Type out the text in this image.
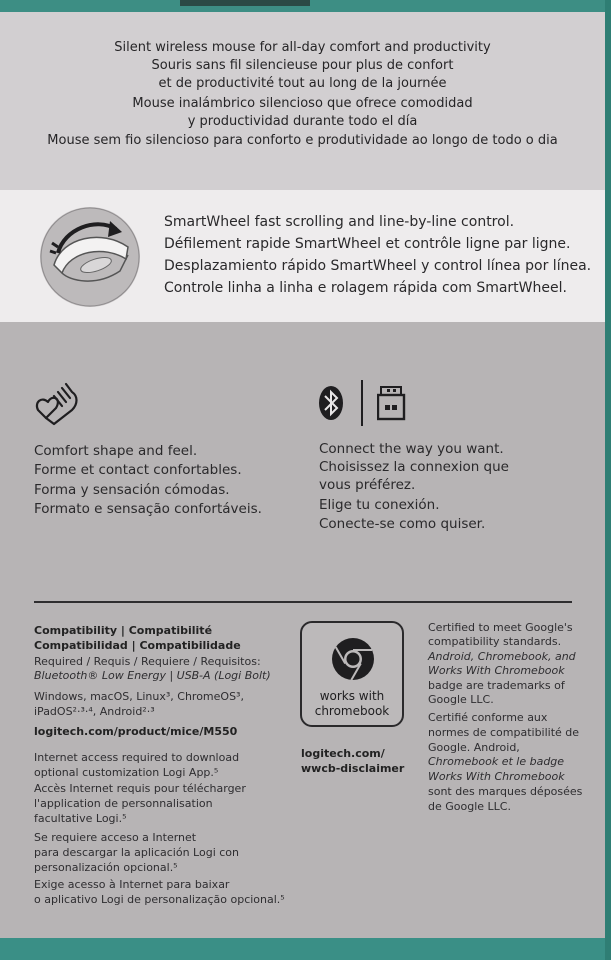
Silent wireless mouse for all-day comfort and productivity
Souris sans fil silencieuse pour plus de confort
et de productivité tout au long de la journée
Mouse inalámbrico silencioso que ofrece comodidad
y productividad durante todo el día
Mouse sem fio silencioso para conforto e produtividade ao longo de todo o dia
SmartWheel fast scrolling and line-by-line control.
Défilement rapide SmartWheel et contrôle ligne par ligne.
Desplazamiento rápido SmartWheel y control línea por línea.
Controle linha a linha e rolagem rápida com SmartWheel.
Comfort shape and feel.
Forme et contact confortables.
Forma y sensación cómodas.
Formato e sensação confortáveis.
Connect the way you want.
Choisissez la connexion que
vous préférez.
Elige tu conexión.
Conecte-se como quiser.
Compatibility | Compatibilité
Compatibilidad | Compatibilidade
Required / Requis / Requiere / Requisitos:
Bluetooth® Low Energy | USB-A (Logi Bolt)
Windows, macOS, Linux³, ChromeOS³,
iPadOS²·³·⁴, Android²·³
logitech.com/product/mice/M550
Internet access required to download
optional customization Logi App.⁵
Accès Internet requis pour télécharger
l'application de personnalisation
facultative Logi.⁵
Se requiere acceso a Internet
para descargar la aplicación Logi con
personalización opcional.⁵
Exige acesso à Internet para baixar
o aplicativo Logi de personalização opcional.⁵
works with
chromebook
logitech.com/
wwcb-disclaimer
Certified to meet Google's
compatibility standards.
Android, Chromebook, and
Works With Chromebook
badge are trademarks of
Google LLC.
Certifié conforme aux
normes de compatibilité de
Google. Android,
Chromebook et le badge
Works With Chromebook
sont des marques déposées
de Google LLC.
